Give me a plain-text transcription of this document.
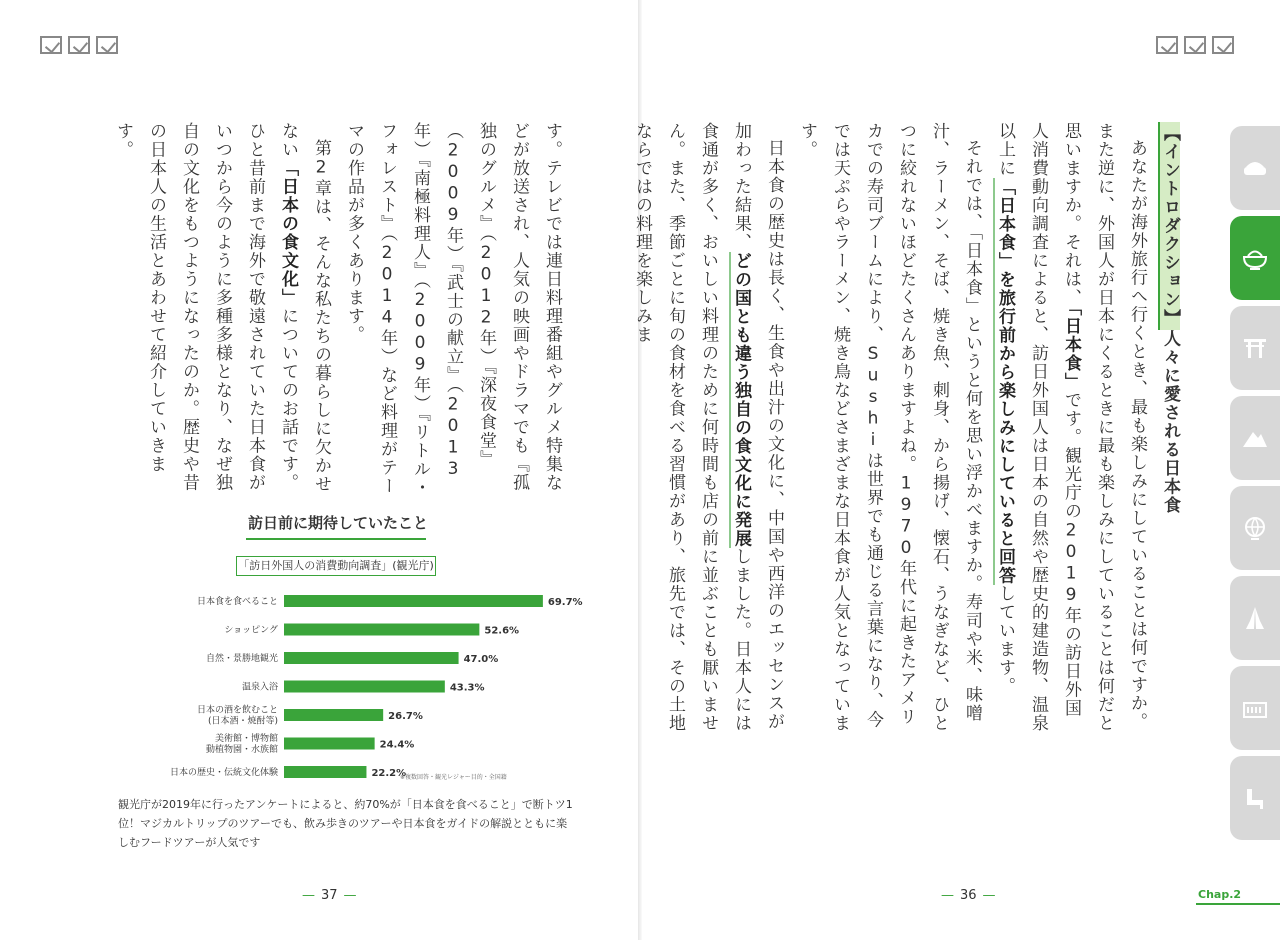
【イントロダクション】人々に愛される日本食

あなたが海外旅行へ行くとき、最も楽しみにしていることは何ですか。また逆に、外国人が日本にくるときに最も楽しみにしていることは何だと思いますか。それは、「日本食」です。観光庁の2019年の訪日外国人消費動向調査によると、訪日外国人は日本の自然や歴史的建造物、温泉以上に「日本食」を旅行前から楽しみにしていると回答しています。

それでは、「日本食」というと何を思い浮かべますか。寿司や米、味噌汁、ラーメン、そば、焼き魚、刺身、から揚げ、懐石、うなぎなど、ひとつに絞れないほどたくさんありますよね。1970年代に起きたアメリカでの寿司ブームにより、Sushiは世界でも通じる言葉になり、今では天ぷらやラーメン、焼き鳥などさまざまな日本食が人気となっています。

日本食の歴史は長く、生食や出汁の文化に、中国や西洋のエッセンスが加わった結果、どの国とも違う独自の食文化に発展しました。日本人には食通が多く、おいしい料理のために何時間も店の前に並ぶことも厭いません。また、季節ごとに旬の食材を食べる習慣があり、旅先では、その土地ならではの料理を楽しみま

す。テレビでは連日料理番組やグルメ特集などが放送され、人気の映画やドラマでも『孤独のグルメ』（2012年）『深夜食堂』（2009年）『武士の献立』（2013年）『南極料理人』（2009年）『リトル・フォレスト』（2014年）など料理がテーマの作品が多くあります。

第2章は、そんな私たちの暮らしに欠かせない「日本の食文化」についてのお話です。ひと昔前まで海外で敬遠されていた日本食がいつから今のように多種多様となり、なぜ独自の文化をもつようになったのか。歴史や昔の日本人の生活とあわせて紹介していきます。

訪日前に期待していたこと
「訪日外国人の消費動向調査」(観光庁)
日本食を食べること	69.7%
ショッピング	52.6%
自然・景勝地観光	47.0%
温泉入浴	43.3%
日本の酒を飲むこと
(日本酒・焼酎等)	26.7%
美術館・博物館
動植物園・水族館	24.4%
日本の歴史・伝統文化体験	22.2%
※複数回答・観光レジャー目的・全国籍
観光庁が2019年に行ったアンケートによると、約70%が「日本食を食べること」で断トツ1位！マジカルトリップのツアーでも、飲み歩きのツアーや日本食をガイドの解説とともに楽しむフードツアーが人気です
— 37 —	— 36 —	Chap.2
